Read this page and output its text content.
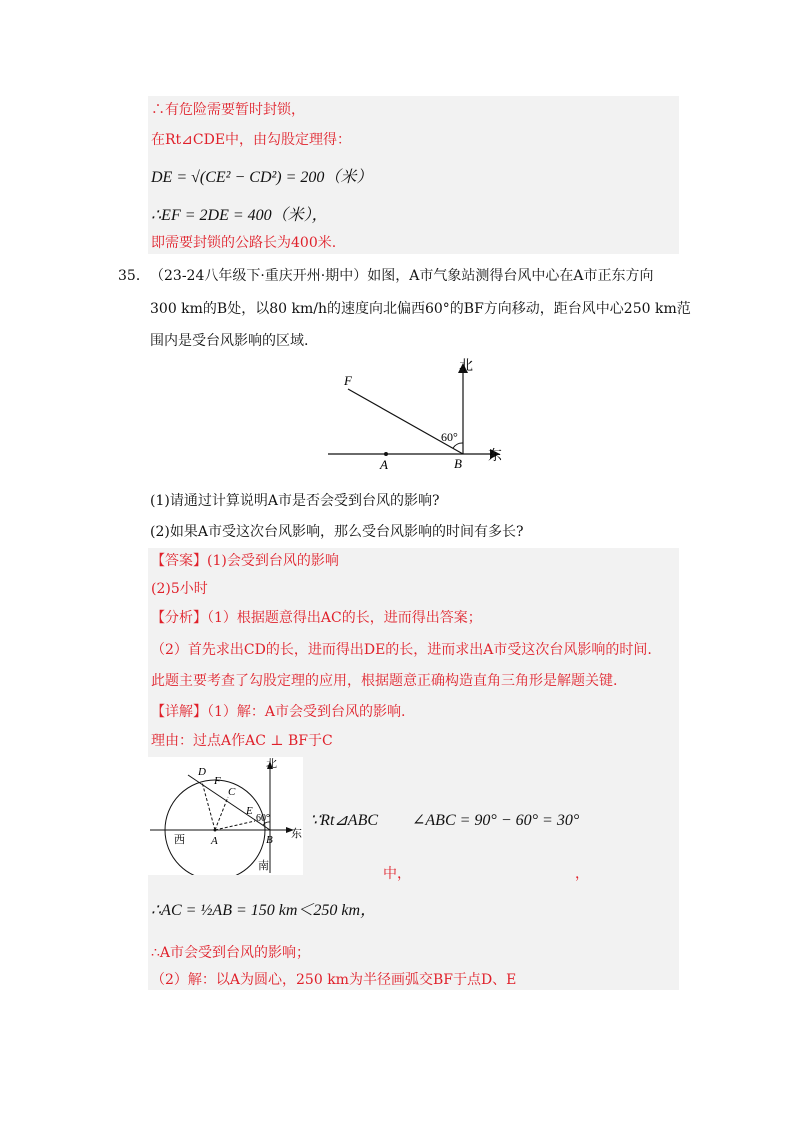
∴有危险需要暂时封锁，
在Rt⊿CDE中，由勾股定理得：
DE = √(CE² − CD²) = 200（米）
∴EF = 2DE = 400（米），
即需要封锁的公路长为400米.
35． （23-24八年级下·重庆开州·期中）如图，A市气象站测得台风中心在A市正东方向
300 km的B处，以80 km/h的速度向北偏西60°的BF方向移动，距台风中心250 km范
围内是受台风影响的区域.
北
东
60°
F
A	B
(1)请通过计算说明A市是否会受到台风的影响?
(2)如果A市受这次台风影响，那么受台风影响的时间有多长?
【答案】(1)会受到台风的影响
(2)5小时
【分析】（1）根据题意得出AC的长，进而得出答案；
（2）首先求出CD的长，进而得出DE的长，进而求出A市受这次台风影响的时间.
此题主要考查了勾股定理的应用，根据题意正确构造直角三角形是解题关键.
【详解】（1）解：A市会受到台风的影响.
理由：过点A作AC ⊥ BF于C
北
东
西
南
60°
D
F
C
E
A	B
∵Rt⊿ABC ∠ABC = 90° − 60° = 30°
中，	，
∴AC = ½AB = 150 km＜250 km，
∴A市会受到台风的影响；
（2）解：以A为圆心，250 km为半径画弧交BF于点D、E
